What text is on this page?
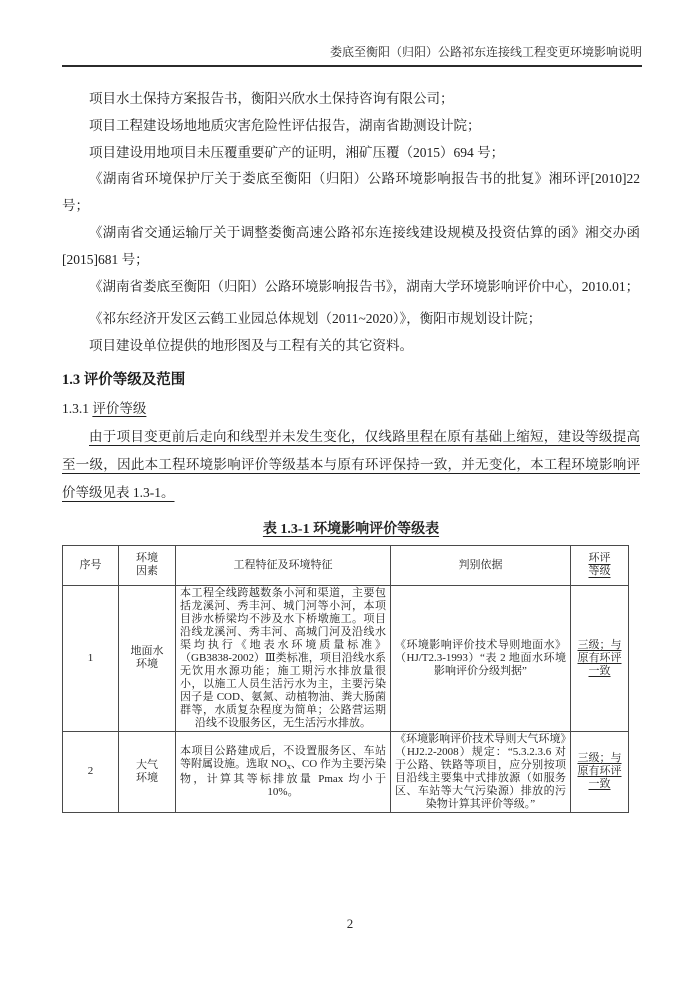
娄底至衡阳（归阳）公路祁东连接线工程变更环境影响说明

项目水土保持方案报告书，衡阳兴欣水土保持咨询有限公司；

项目工程建设场地地质灾害危险性评估报告，湖南省勘测设计院；

项目建设用地项目未压覆重要矿产的证明，湘矿压覆（2015）694 号；

《湖南省环境保护厅关于娄底至衡阳（归阳）公路环境影响报告书的批复》湘环评[2010]22 号；

《湖南省交通运输厅关于调整娄衡高速公路祁东连接线建设规模及投资估算的函》湘交办函[2015]681 号；

《湖南省娄底至衡阳（归阳）公路环境影响报告书》，湖南大学环境影响评价中心，2010.01；

《祁东经济开发区云鹤工业园总体规划（2011~2020）》，衡阳市规划设计院；

项目建设单位提供的地形图及与工程有关的其它资料。

1.3 评价等级及范围
1.3.1 评价等级

由于项目变更前后走向和线型并未发生变化，仅线路里程在原有基础上缩短，建设等级提高至一级，因此本工程环境影响评价等级基本与原有环评保持一致，并无变化，本工程环境影响评价等级见表 1.3-1。

表 1.3-1 环境影响评价等级表
序号	环境因素	工程特征及环境特征	判别依据	环评等级
1	地面水环境	本工程全线跨越数条小河和渠道，主要包括龙溪河、秀丰河、城门河等小河，本项目涉水桥梁均不涉及水下桥墩施工。项目沿线龙溪河、秀丰河、高城门河及沿线水渠均执行《地表水环境质量标准》（GB3838-2002）Ⅲ类标准，项目沿线水系无饮用水源功能；施工期污水排放量很小，以施工人员生活污水为主，主要污染因子是 COD、氨氮、动植物油、粪大肠菌群等，水质复杂程度为简单；公路营运期沿线不设服务区，无生活污水排放。	《环境影响评价技术导则地面水》（HJ/T2.3-1993）“表 2 地面水环境影响评价分级判据”	三级；与原有环评一致
2	大气环境	本项目公路建成后，不设置服务区、车站等附属设施。选取 $NO_x$、CO 作为主要污染物，计算其等标排放量 Pmax 均小于 10%。	《环境影响评价技术导则大气环境》（HJ2.2-2008）规定：“5.3.2.3.6 对于公路、铁路等项目，应分别按项目沿线主要集中式排放源（如服务区、车站等大气污染源）排放的污染物计算其评价等级。”	三级；与原有环评一致
2
